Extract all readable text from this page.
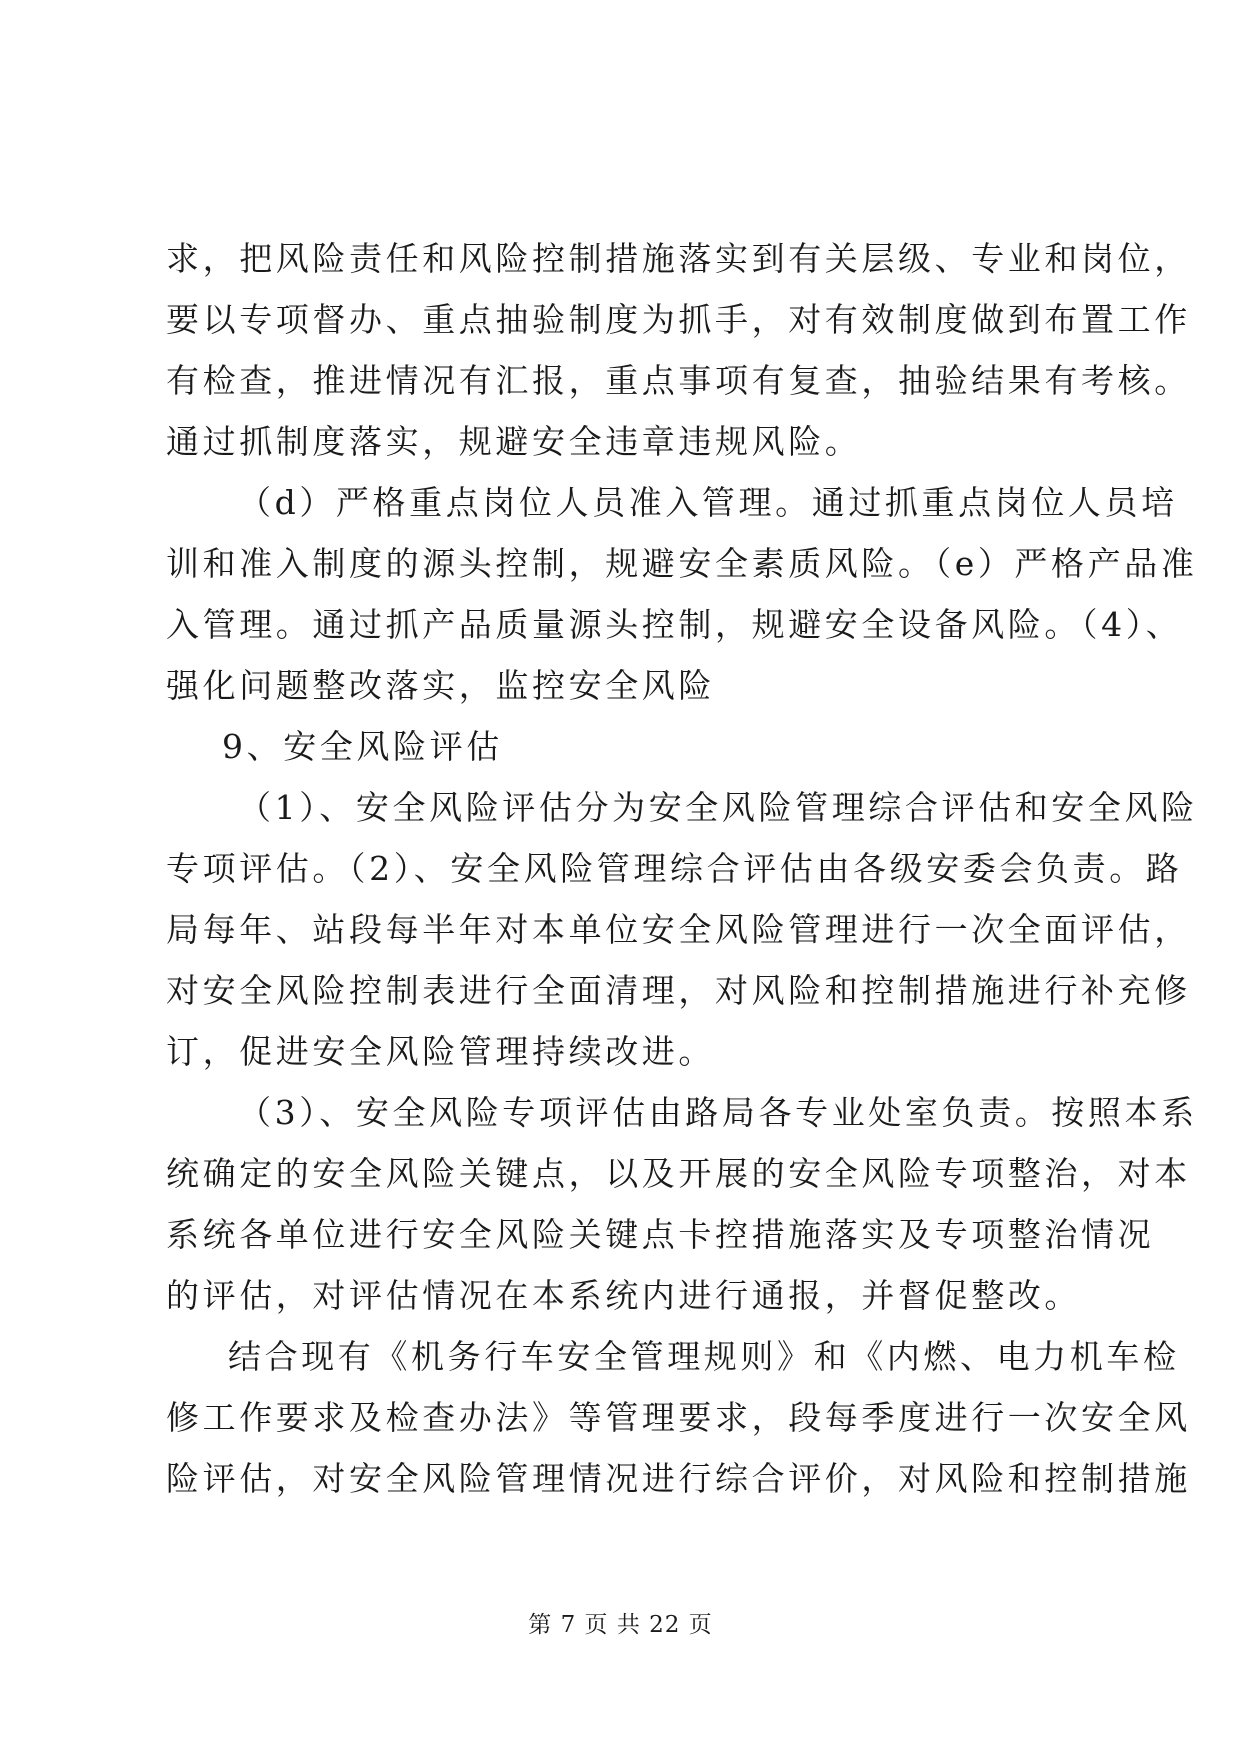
求，把风险责任和风险控制措施落实到有关层级、专业和岗位，
要以专项督办、重点抽验制度为抓手，对有效制度做到布置工作
有检查，推进情况有汇报，重点事项有复查，抽验结果有考核。
通过抓制度落实，规避安全违章违规风险。
（d）严格重点岗位人员准入管理。通过抓重点岗位人员培
训和准入制度的源头控制，规避安全素质风险。（e）严格产品准
入管理。通过抓产品质量源头控制，规避安全设备风险。（4）、
强化问题整改落实，监控安全风险
9、安全风险评估
（1）、安全风险评估分为安全风险管理综合评估和安全风险
专项评估。（2）、安全风险管理综合评估由各级安委会负责。路
局每年、站段每半年对本单位安全风险管理进行一次全面评估，
对安全风险控制表进行全面清理，对风险和控制措施进行补充修
订，促进安全风险管理持续改进。
（3）、安全风险专项评估由路局各专业处室负责。按照本系
统确定的安全风险关键点，以及开展的安全风险专项整治，对本
系统各单位进行安全风险关键点卡控措施落实及专项整治情况
的评估，对评估情况在本系统内进行通报，并督促整改。
结合现有《机务行车安全管理规则》和《内燃、电力机车检
修工作要求及检查办法》等管理要求，段每季度进行一次安全风
险评估，对安全风险管理情况进行综合评价，对风险和控制措施
第 7 页 共 22 页
